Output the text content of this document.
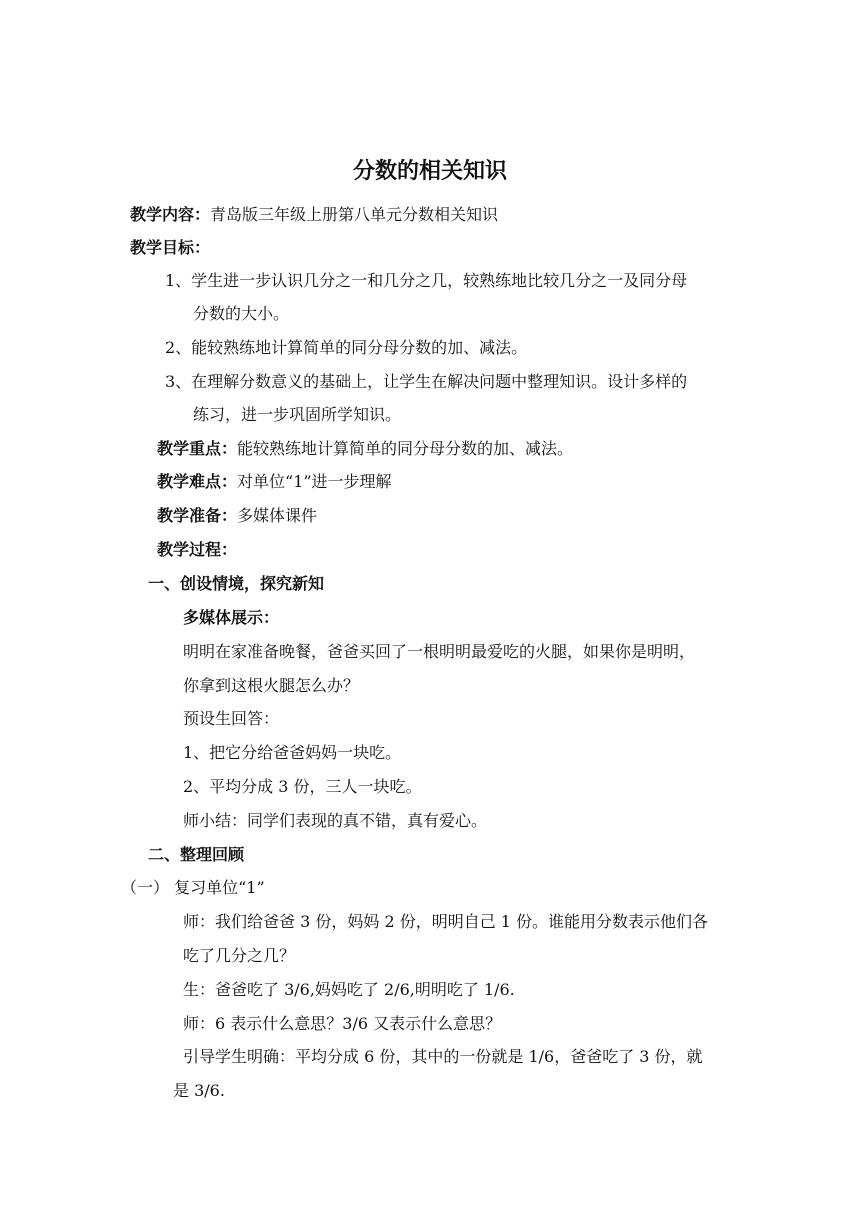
分数的相关知识
教学内容：青岛版三年级上册第八单元分数相关知识
教学目标：
1、学生进一步认识几分之一和几分之几，较熟练地比较几分之一及同分母
分数的大小。
2、能较熟练地计算简单的同分母分数的加、减法。
3、在理解分数意义的基础上，让学生在解决问题中整理知识。设计多样的
练习，进一步巩固所学知识。
教学重点：能较熟练地计算简单的同分母分数的加、减法。
教学难点：对单位“1”进一步理解
教学准备：多媒体课件
教学过程：
一、创设情境，探究新知
多媒体展示：
明明在家准备晚餐，爸爸买回了一根明明最爱吃的火腿，如果你是明明，
你拿到这根火腿怎么办？
预设生回答：
1、把它分给爸爸妈妈一块吃。
2、平均分成 3 份，三人一块吃。
师小结：同学们表现的真不错，真有爱心。
二、整理回顾
（一） 复习单位“1”
师：我们给爸爸 3 份，妈妈 2 份，明明自己 1 份。谁能用分数表示他们各
吃了几分之几？
生：爸爸吃了 3/6,妈妈吃了 2/6,明明吃了 1/6.
师：6 表示什么意思？3/6 又表示什么意思？
引导学生明确：平均分成 6 份，其中的一份就是 1/6，爸爸吃了 3 份，就
是 3/6.
